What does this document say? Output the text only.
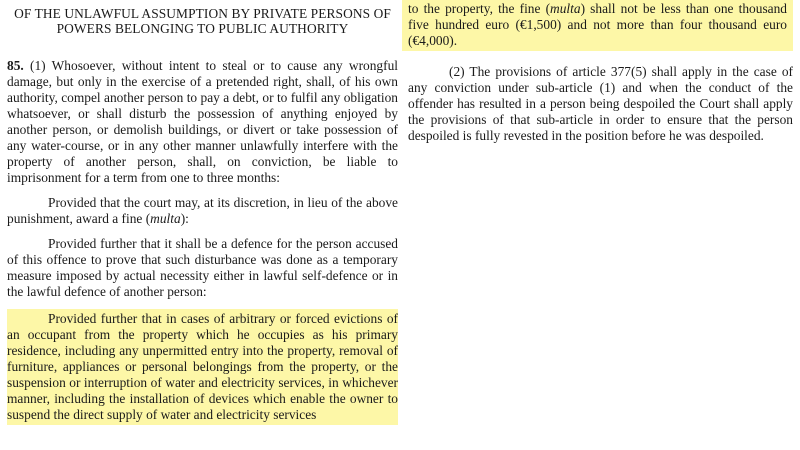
OF THE UNLAWFUL ASSUMPTION BY PRIVATE PERSONS OF POWERS BELONGING TO PUBLIC AUTHORITY

85. (1) Whosoever, without intent to steal or to cause any wrongful damage, but only in the exercise of a pretended right, shall, of his own authority, compel another person to pay a debt, or to fulfil any obligation whatsoever, or shall disturb the possession of anything enjoyed by another person, or demolish buildings, or divert or take possession of any water-course, or in any other manner unlawfully interfere with the property of another person, shall, on conviction, be liable to imprisonment for a term from one to three months:

Provided that the court may, at its discretion, in lieu of the above punishment, award a fine (multa):

Provided further that it shall be a defence for the person accused of this offence to prove that such disturbance was done as a temporary measure imposed by actual necessity either in lawful self-defence or in the lawful defence of another person:

Provided further that in cases of arbitrary or forced evictions of an occupant from the property which he occupies as his primary residence, including any unpermitted entry into the property, removal of furniture, appliances or personal belongings from the property, or the suspension or interruption of water and electricity services, in whichever manner, including the installation of devices which enable the owner to suspend the direct supply of water and electricity services

to the property, the fine (multa) shall not be less than one thousand five hundred euro (€1,500) and not more than four thousand euro (€4,000).

(2) The provisions of article 377(5) shall apply in the case of any conviction under sub-article (1) and when the conduct of the offender has resulted in a person being despoiled the Court shall apply the provisions of that sub-article in order to ensure that the person despoiled is fully revested in the position before he was despoiled.
